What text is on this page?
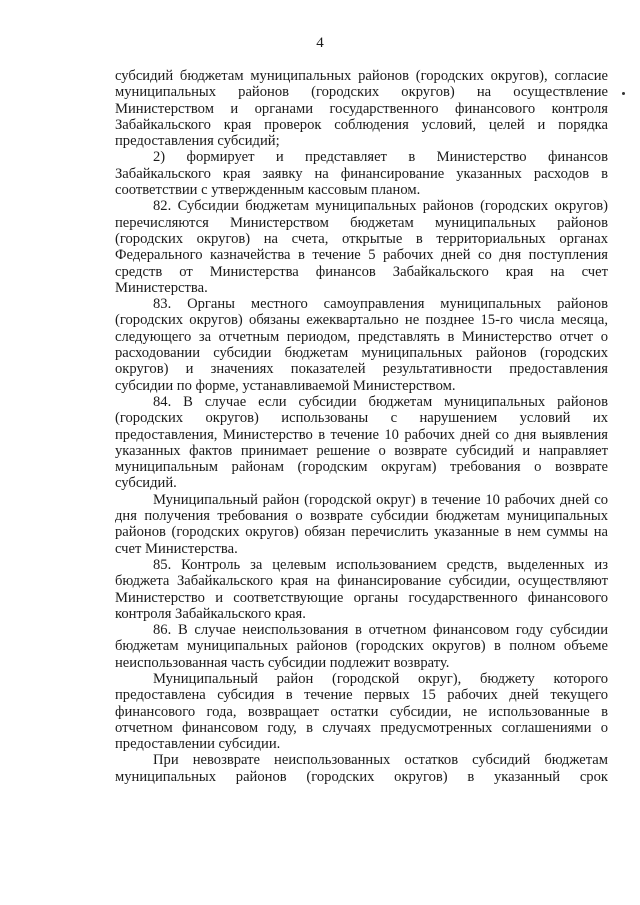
4
субсидий бюджетам муниципальных районов (городских округов), согласие
муниципальных районов (городских округов) на осуществление
Министерством и органами государственного финансового контроля
Забайкальского края проверок соблюдения условий, целей и порядка
предоставления субсидий;
2) формирует и представляет в Министерство финансов
Забайкальского края заявку на финансирование указанных расходов в
соответствии с утвержденным кассовым планом.
82. Субсидии бюджетам муниципальных районов (городских округов)
перечисляются Министерством бюджетам муниципальных районов
(городских округов) на счета, открытые в территориальных органах
Федерального казначейства в течение 5 рабочих дней со дня поступления
средств от Министерства финансов Забайкальского края на счет
Министерства.
83. Органы местного самоуправления муниципальных районов
(городских округов) обязаны ежеквартально не позднее 15-го числа месяца,
следующего за отчетным периодом, представлять в Министерство отчет о
расходовании субсидии бюджетам муниципальных районов (городских
округов) и значениях показателей результативности предоставления
субсидии по форме, устанавливаемой Министерством.
84. В случае если субсидии бюджетам муниципальных районов
(городских округов) использованы с нарушением условий их
предоставления, Министерство в течение 10 рабочих дней со дня выявления
указанных фактов принимает решение о возврате субсидий и направляет
муниципальным районам (городским округам) требования о возврате
субсидий.
Муниципальный район (городской округ) в течение 10 рабочих дней со
дня получения требования о возврате субсидии бюджетам муниципальных
районов (городских округов) обязан перечислить указанные в нем суммы на
счет Министерства.
85. Контроль за целевым использованием средств, выделенных из
бюджета Забайкальского края на финансирование субсидии, осуществляют
Министерство и соответствующие органы государственного финансового
контроля Забайкальского края.
86. В случае неиспользования в отчетном финансовом году субсидии
бюджетам муниципальных районов (городских округов) в полном объеме
неиспользованная часть субсидии подлежит возврату.
Муниципальный район (городской округ), бюджету которого
предоставлена субсидия в течение первых 15 рабочих дней текущего
финансового года, возвращает остатки субсидии, не использованные в
отчетном финансовом году, в случаях предусмотренных соглашениями о
предоставлении субсидии.
При невозврате неиспользованных остатков субсидий бюджетам
муниципальных районов (городских округов) в указанный срок
